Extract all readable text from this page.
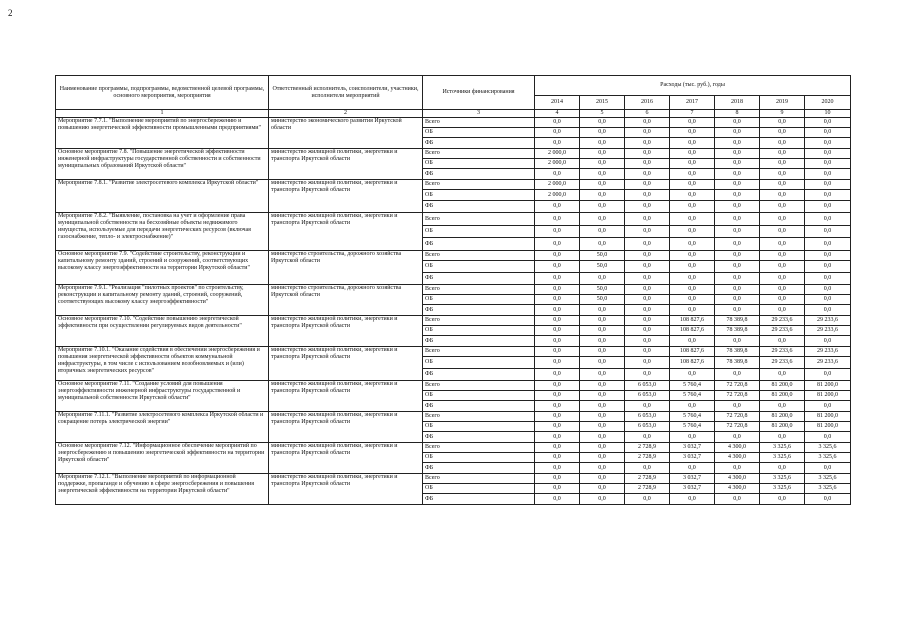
2
Наименование программы, подпрограммы, ведомственной целевой программы, основного мероприятия, мероприятия	Ответственный исполнитель, соисполнители, участники, исполнители мероприятий	Источники финансирования	Расходы (тыс. руб.), годы						
			2014	2015	2016	2017	2018	2019	2020
1	2	3	4	5	6	7	8	9	10
Мероприятие 7.7.1. "Выполнение мероприятий по энергосбережению и повышению энергетической эффективности промышленными предприятиями"	министерство экономического развития Иркутской области	Всего	0,0	0,0	0,0	0,0	0,0	0,0	0,0
		ОБ	0,0	0,0	0,0	0,0	0,0	0,0	0,0
		ФБ	0,0	0,0	0,0	0,0	0,0	0,0	0,0
Основное мероприятие 7.8. "Повышение энергетической эффективности инженерной инфраструктуры государственной собственности и собственности муниципальных образований Иркутской области"	министерство жилищной политики, энергетики и транспорта Иркутской области	Всего	2 000,0	0,0	0,0	0,0	0,0	0,0	0,0
		ОБ	2 000,0	0,0	0,0	0,0	0,0	0,0	0,0
		ФБ	0,0	0,0	0,0	0,0	0,0	0,0	0,0
Мероприятие 7.8.1. "Развитие электросетевого комплекса Иркутской области"	министерство жилищной политики, энергетики и транспорта Иркутской области	Всего	2 000,0	0,0	0,0	0,0	0,0	0,0	0,0
		ОБ	2 000,0	0,0	0,0	0,0	0,0	0,0	0,0
		ФБ	0,0	0,0	0,0	0,0	0,0	0,0	0,0
Мероприятие 7.8.2. "Выявление, постановка на учет и оформление права муниципальной собственности на бесхозяйные объекты недвижимого имущества, используемые для передачи энергетических ресурсов (включая газоснабжение, тепло- и электроснабжение)"	министерство жилищной политики, энергетики и транспорта Иркутской области	Всего	0,0	0,0	0,0	0,0	0,0	0,0	0,0
		ОБ	0,0	0,0	0,0	0,0	0,0	0,0	0,0
		ФБ	0,0	0,0	0,0	0,0	0,0	0,0	0,0
Основное мероприятие 7.9. "Содействие строительству, реконструкции и капитальному ремонту зданий, строений и сооружений, соответствующих высокому классу энергоэффективности на территории Иркутской области"	министерство строительства, дорожного хозяйства Иркутской области	Всего	0,0	50,0	0,0	0,0	0,0	0,0	0,0
		ОБ	0,0	50,0	0,0	0,0	0,0	0,0	0,0
		ФБ	0,0	0,0	0,0	0,0	0,0	0,0	0,0
Мероприятие 7.9.1. "Реализация "пилотных проектов" по строительству, реконструкции и капитальному ремонту зданий, строений, сооружений, соответствующих высокому классу энергоэффективности"	министерство строительства, дорожного хозяйства Иркутской области	Всего	0,0	50,0	0,0	0,0	0,0	0,0	0,0
		ОБ	0,0	50,0	0,0	0,0	0,0	0,0	0,0
		ФБ	0,0	0,0	0,0	0,0	0,0	0,0	0,0
Основное мероприятие 7.10. "Содействие повышению энергетической эффективности при осуществлении регулируемых видов деятельности"	министерство жилищной политики, энергетики и транспорта Иркутской области	Всего	0,0	0,0	0,0	108 827,6	78 389,8	29 233,6	29 233,6
		ОБ	0,0	0,0	0,0	108 827,6	78 389,8	29 233,6	29 233,6
		ФБ	0,0	0,0	0,0	0,0	0,0	0,0	0,0
Мероприятие 7.10.1. "Оказание содействия в обеспечении энергосбережения и повышения энергетической эффективности объектов коммунальной инфраструктуры, в том числе с использованием возобновляемых и (или) вторичных энергетических ресурсов"	министерство жилищной политики, энергетики и транспорта Иркутской области	Всего	0,0	0,0	0,0	108 827,6	78 389,8	29 233,6	29 233,6
		ОБ	0,0	0,0	0,0	108 827,6	78 389,8	29 233,6	29 233,6
		ФБ	0,0	0,0	0,0	0,0	0,0	0,0	0,0
Основное мероприятие 7.11. "Создание условий для повышения энергоэффективности инженерной инфраструктуры государственной и муниципальной собственности Иркутской области"	министерство жилищной политики, энергетики и транспорта Иркутской области	Всего	0,0	0,0	6 053,0	5 760,4	72 720,8	81 200,0	81 200,0
		ОБ	0,0	0,0	6 053,0	5 760,4	72 720,8	81 200,0	81 200,0
		ФБ	0,0	0,0	0,0	0,0	0,0	0,0	0,0
Мероприятие 7.11.1. "Развитие электросетевого комплекса Иркутской области и сокращение потерь электрической энергии"	министерство жилищной политики, энергетики и транспорта Иркутской области	Всего	0,0	0,0	6 053,0	5 760,4	72 720,8	81 200,0	81 200,0
		ОБ	0,0	0,0	6 053,0	5 760,4	72 720,8	81 200,0	81 200,0
		ФБ	0,0	0,0	0,0	0,0	0,0	0,0	0,0
Основное мероприятие 7.12. "Информационное обеспечение мероприятий по энергосбережению и повышению энергетической эффективности на территории Иркутской области"	министерство жилищной политики, энергетики и транспорта Иркутской области	Всего	0,0	0,0	2 728,9	3 032,7	4 300,0	3 325,6	3 325,6
		ОБ	0,0	0,0	2 728,9	3 032,7	4 300,0	3 325,6	3 325,6
		ФБ	0,0	0,0	0,0	0,0	0,0	0,0	0,0
Мероприятие 7.12.1. "Выполнение мероприятий по информационной поддержке, пропаганде и обучению в сфере энергосбережения и повышения энергетической эффективности на территории Иркутской области"	министерство жилищной политики, энергетики и транспорта Иркутской области	Всего	0,0	0,0	2 728,9	3 032,7	4 300,0	3 325,6	3 325,6
		ОБ	0,0	0,0	2 728,9	3 032,7	4 300,0	3 325,6	3 325,6
		ФБ	0,0	0,0	0,0	0,0	0,0	0,0	0,0
